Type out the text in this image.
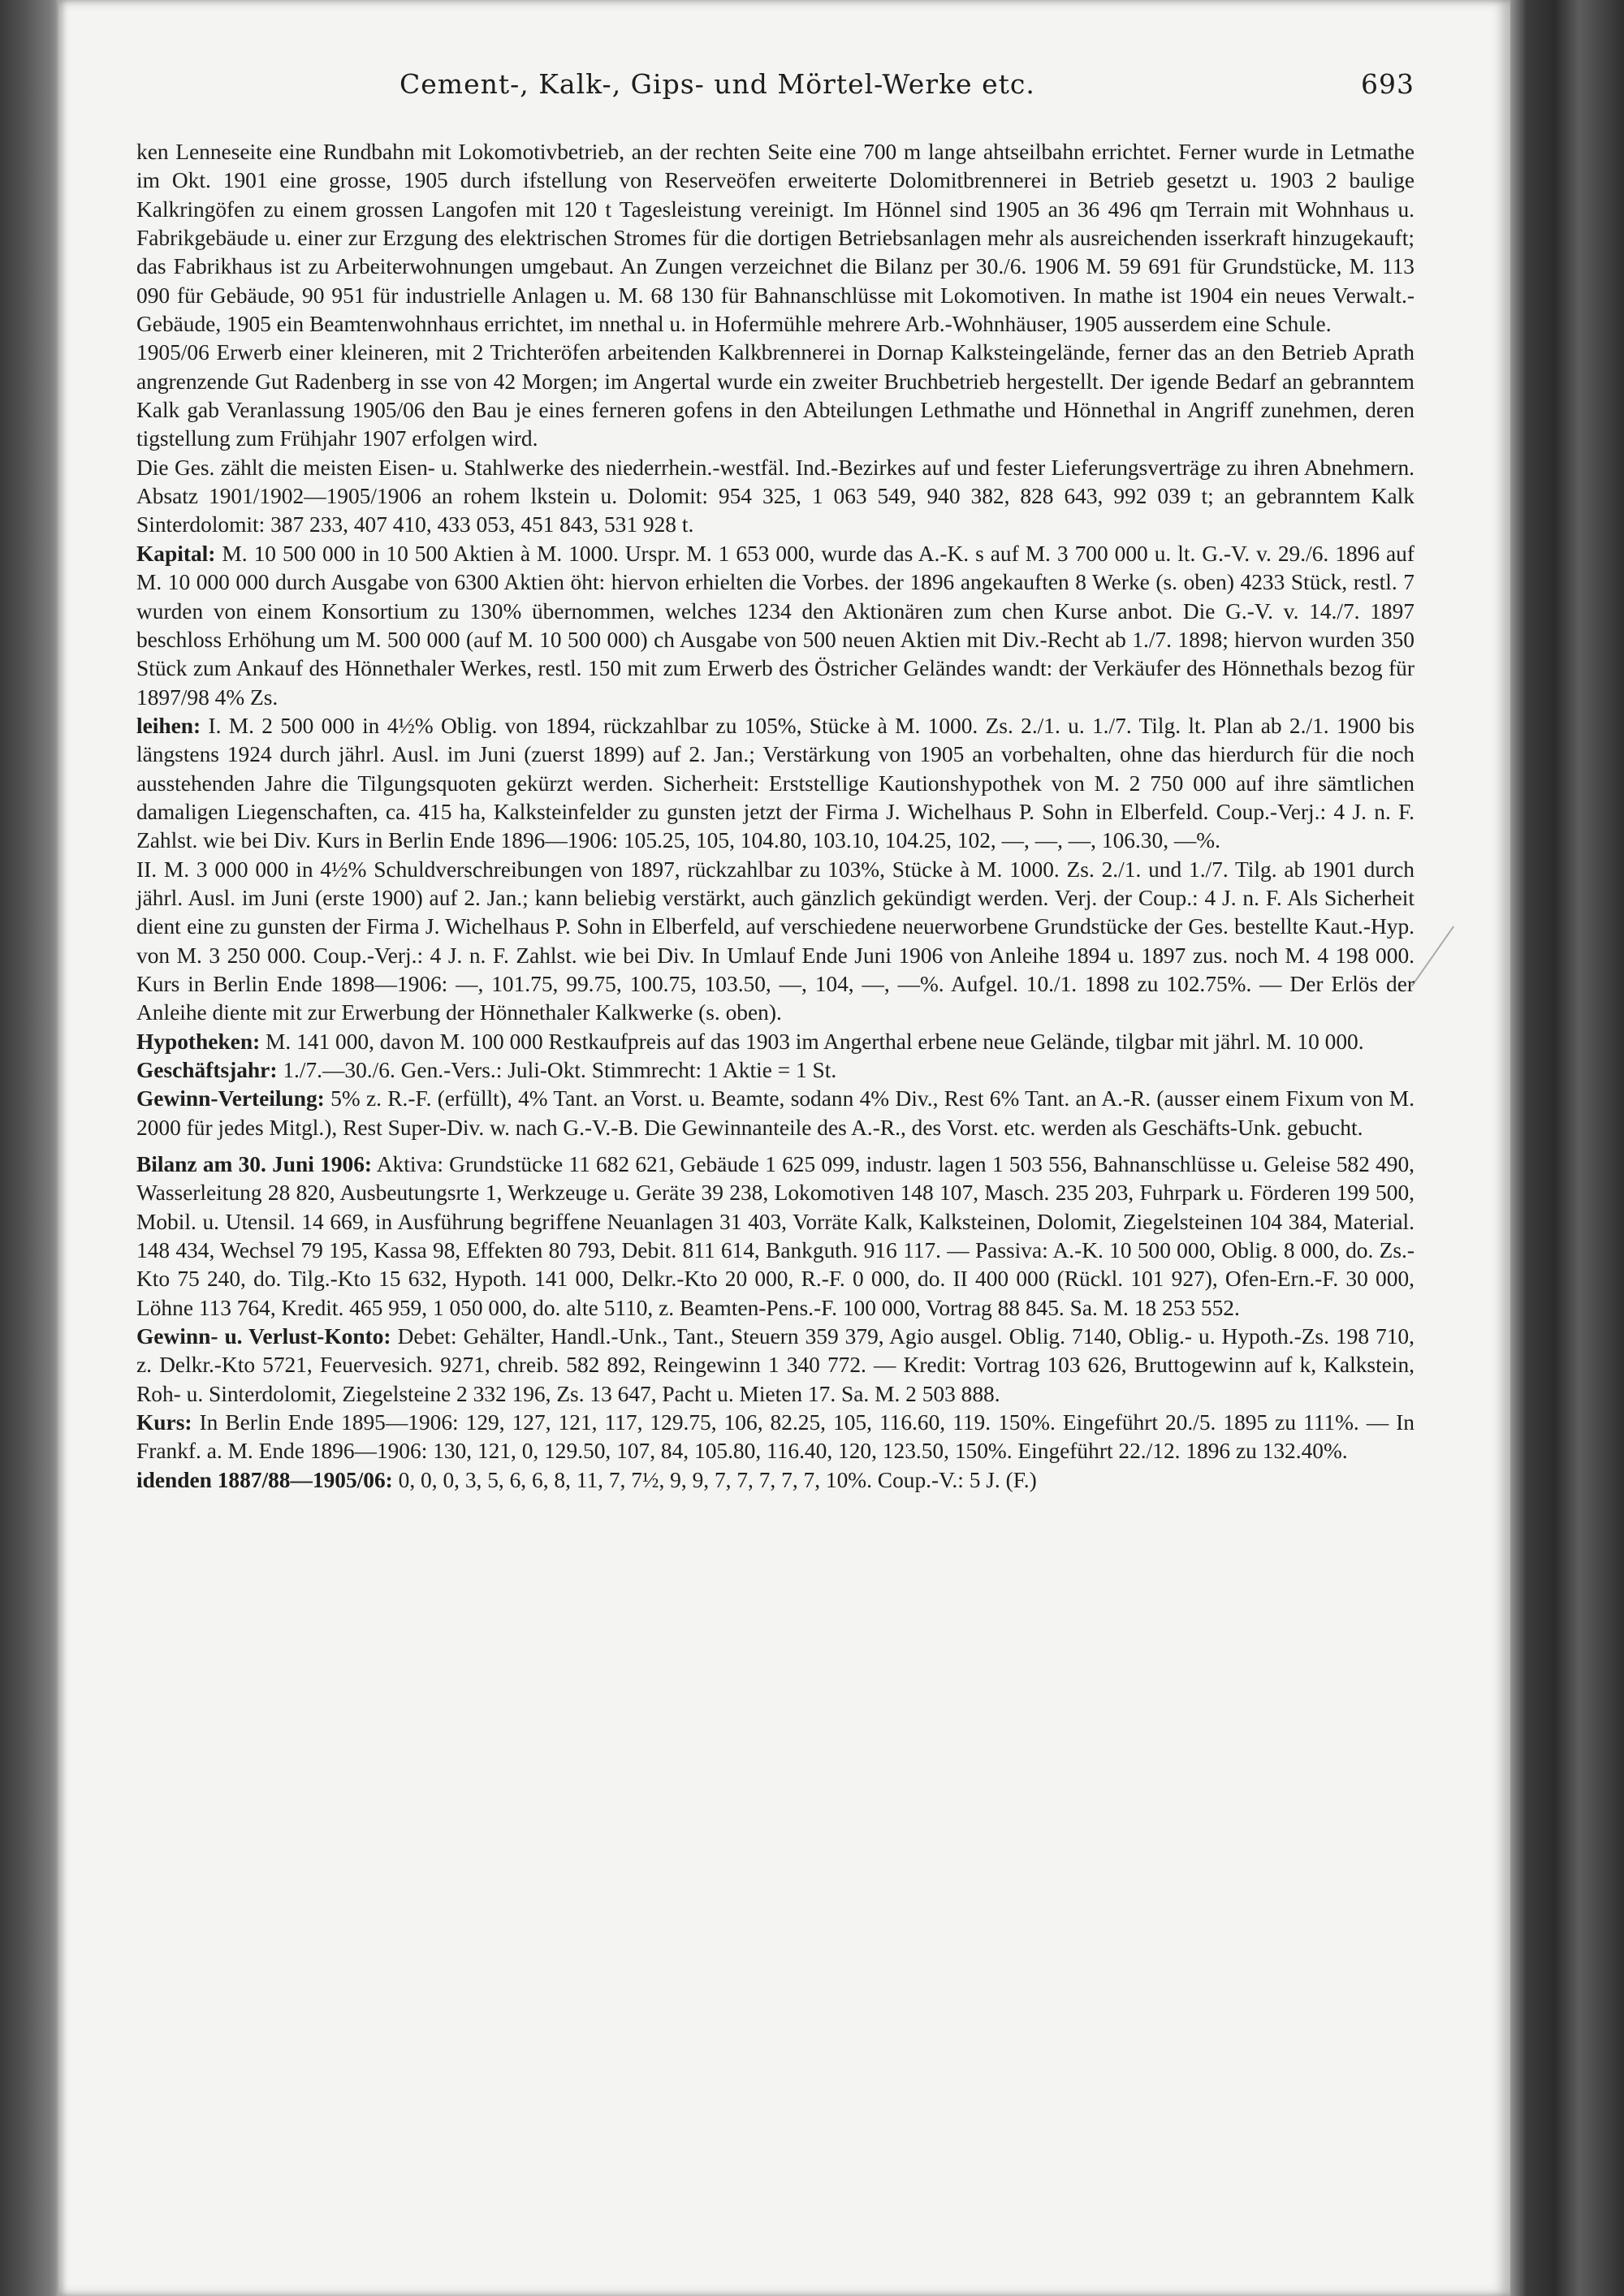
Cement-, Kalk-, Gips- und Mörtel-Werke etc.	693

ken Lenneseite eine Rundbahn mit Lokomotivbetrieb, an der rechten Seite eine 700 m lange ahtseilbahn errichtet. Ferner wurde in Letmathe im Okt. 1901 eine grosse, 1905 durch ifstellung von Reserveöfen erweiterte Dolomitbrennerei in Betrieb gesetzt u. 1903 2 baulige Kalkringöfen zu einem grossen Langofen mit 120 t Tagesleistung vereinigt. Im Hönnel sind 1905 an 36 496 qm Terrain mit Wohnhaus u. Fabrikgebäude u. einer zur Erzgung des elektrischen Stromes für die dortigen Betriebsanlagen mehr als ausreichenden isserkraft hinzugekauft; das Fabrikhaus ist zu Arbeiterwohnungen umgebaut. An Zungen verzeichnet die Bilanz per 30./6. 1906 M. 59 691 für Grundstücke, M. 113 090 für Gebäude, 90 951 für industrielle Anlagen u. M. 68 130 für Bahnanschlüsse mit Lokomotiven. In mathe ist 1904 ein neues Verwalt.-Gebäude, 1905 ein Beamtenwohnhaus errichtet, im nnethal u. in Hofermühle mehrere Arb.-Wohnhäuser, 1905 ausserdem eine Schule.

1905/06 Erwerb einer kleineren, mit 2 Trichteröfen arbeitenden Kalkbrennerei in Dornap Kalksteingelände, ferner das an den Betrieb Aprath angrenzende Gut Radenberg in sse von 42 Morgen; im Angertal wurde ein zweiter Bruchbetrieb hergestellt. Der igende Bedarf an gebranntem Kalk gab Veranlassung 1905/06 den Bau je eines ferneren gofens in den Abteilungen Lethmathe und Hönnethal in Angriff zunehmen, deren tigstellung zum Frühjahr 1907 erfolgen wird.

Die Ges. zählt die meisten Eisen- u. Stahlwerke des niederrhein.-westfäl. Ind.-Bezirkes auf und fester Lieferungsverträge zu ihren Abnehmern. Absatz 1901/1902—1905/1906 an rohem lkstein u. Dolomit: 954 325, 1 063 549, 940 382, 828 643, 992 039 t; an gebranntem Kalk Sinterdolomit: 387 233, 407 410, 433 053, 451 843, 531 928 t.

Kapital: M. 10 500 000 in 10 500 Aktien à M. 1000. Urspr. M. 1 653 000, wurde das A.-K. s auf M. 3 700 000 u. lt. G.-V. v. 29./6. 1896 auf M. 10 000 000 durch Ausgabe von 6300 Aktien öht: hiervon erhielten die Vorbes. der 1896 angekauften 8 Werke (s. oben) 4233 Stück, restl. 7 wurden von einem Konsortium zu 130% übernommen, welches 1234 den Aktionären zum chen Kurse anbot. Die G.-V. v. 14./7. 1897 beschloss Erhöhung um M. 500 000 (auf M. 10 500 000) ch Ausgabe von 500 neuen Aktien mit Div.-Recht ab 1./7. 1898; hiervon wurden 350 Stück zum Ankauf des Hönnethaler Werkes, restl. 150 mit zum Erwerb des Östricher Geländes wandt: der Verkäufer des Hönnethals bezog für 1897/98 4% Zs.

leihen: I. M. 2 500 000 in 4½% Oblig. von 1894, rückzahlbar zu 105%, Stücke à M. 1000. Zs. 2./1. u. 1./7. Tilg. lt. Plan ab 2./1. 1900 bis längstens 1924 durch jährl. Ausl. im Juni (zuerst 1899) auf 2. Jan.; Verstärkung von 1905 an vorbehalten, ohne das hierdurch für die noch ausstehenden Jahre die Tilgungsquoten gekürzt werden. Sicherheit: Erststellige Kautionshypothek von M. 2 750 000 auf ihre sämtlichen damaligen Liegenschaften, ca. 415 ha, Kalksteinfelder zu gunsten jetzt der Firma J. Wichelhaus P. Sohn in Elberfeld. Coup.-Verj.: 4 J. n. F. Zahlst. wie bei Div. Kurs in Berlin Ende 1896—1906: 105.25, 105, 104.80, 103.10, 104.25, 102, —, —, —, 106.30, —%.

II. M. 3 000 000 in 4½% Schuldverschreibungen von 1897, rückzahlbar zu 103%, Stücke à M. 1000. Zs. 2./1. und 1./7. Tilg. ab 1901 durch jährl. Ausl. im Juni (erste 1900) auf 2. Jan.; kann beliebig verstärkt, auch gänzlich gekündigt werden. Verj. der Coup.: 4 J. n. F. Als Sicherheit dient eine zu gunsten der Firma J. Wichelhaus P. Sohn in Elberfeld, auf verschiedene neuerworbene Grundstücke der Ges. bestellte Kaut.-Hyp. von M. 3 250 000. Coup.-Verj.: 4 J. n. F. Zahlst. wie bei Div. In Umlauf Ende Juni 1906 von Anleihe 1894 u. 1897 zus. noch M. 4 198 000. Kurs in Berlin Ende 1898—1906: —, 101.75, 99.75, 100.75, 103.50, —, 104, —, —%. Aufgel. 10./1. 1898 zu 102.75%. — Der Erlös der Anleihe diente mit zur Erwerbung der Hönnethaler Kalkwerke (s. oben).

Hypotheken: M. 141 000, davon M. 100 000 Restkaufpreis auf das 1903 im Angerthal erbene neue Gelände, tilgbar mit jährl. M. 10 000.

Geschäftsjahr: 1./7.—30./6. Gen.-Vers.: Juli-Okt. Stimmrecht: 1 Aktie = 1 St.

Gewinn-Verteilung: 5% z. R.-F. (erfüllt), 4% Tant. an Vorst. u. Beamte, sodann 4% Div., Rest 6% Tant. an A.-R. (ausser einem Fixum von M. 2000 für jedes Mitgl.), Rest Super-Div. w. nach G.-V.-B. Die Gewinnanteile des A.-R., des Vorst. etc. werden als Geschäfts-Unk. gebucht.

Bilanz am 30. Juni 1906: Aktiva: Grundstücke 11 682 621, Gebäude 1 625 099, industr. lagen 1 503 556, Bahnanschlüsse u. Geleise 582 490, Wasserleitung 28 820, Ausbeutungsrte 1, Werkzeuge u. Geräte 39 238, Lokomotiven 148 107, Masch. 235 203, Fuhrpark u. Förderen 199 500, Mobil. u. Utensil. 14 669, in Ausführung begriffene Neuanlagen 31 403, Vorräte Kalk, Kalksteinen, Dolomit, Ziegelsteinen 104 384, Material. 148 434, Wechsel 79 195, Kassa 98, Effekten 80 793, Debit. 811 614, Bankguth. 916 117. — Passiva: A.-K. 10 500 000, Oblig. 8 000, do. Zs.-Kto 75 240, do. Tilg.-Kto 15 632, Hypoth. 141 000, Delkr.-Kto 20 000, R.-F. 0 000, do. II 400 000 (Rückl. 101 927), Ofen-Ern.-F. 30 000, Löhne 113 764, Kredit. 465 959, 1 050 000, do. alte 5110, z. Beamten-Pens.-F. 100 000, Vortrag 88 845. Sa. M. 18 253 552.

Gewinn- u. Verlust-Konto: Debet: Gehälter, Handl.-Unk., Tant., Steuern 359 379, Agio ausgel. Oblig. 7140, Oblig.- u. Hypoth.-Zs. 198 710, z. Delkr.-Kto 5721, Feuervesich. 9271, chreib. 582 892, Reingewinn 1 340 772. — Kredit: Vortrag 103 626, Bruttogewinn auf k, Kalkstein, Roh- u. Sinterdolomit, Ziegelsteine 2 332 196, Zs. 13 647, Pacht u. Mieten 17. Sa. M. 2 503 888.

Kurs: In Berlin Ende 1895—1906: 129, 127, 121, 117, 129.75, 106, 82.25, 105, 116.60, 119. 150%. Eingeführt 20./5. 1895 zu 111%. — In Frankf. a. M. Ende 1896—1906: 130, 121, 0, 129.50, 107, 84, 105.80, 116.40, 120, 123.50, 150%. Eingeführt 22./12. 1896 zu 132.40%.

idenden 1887/88—1905/06: 0, 0, 0, 3, 5, 6, 6, 8, 11, 7, 7½, 9, 9, 7, 7, 7, 7, 7, 10%. Coup.-V.: 5 J. (F.)
